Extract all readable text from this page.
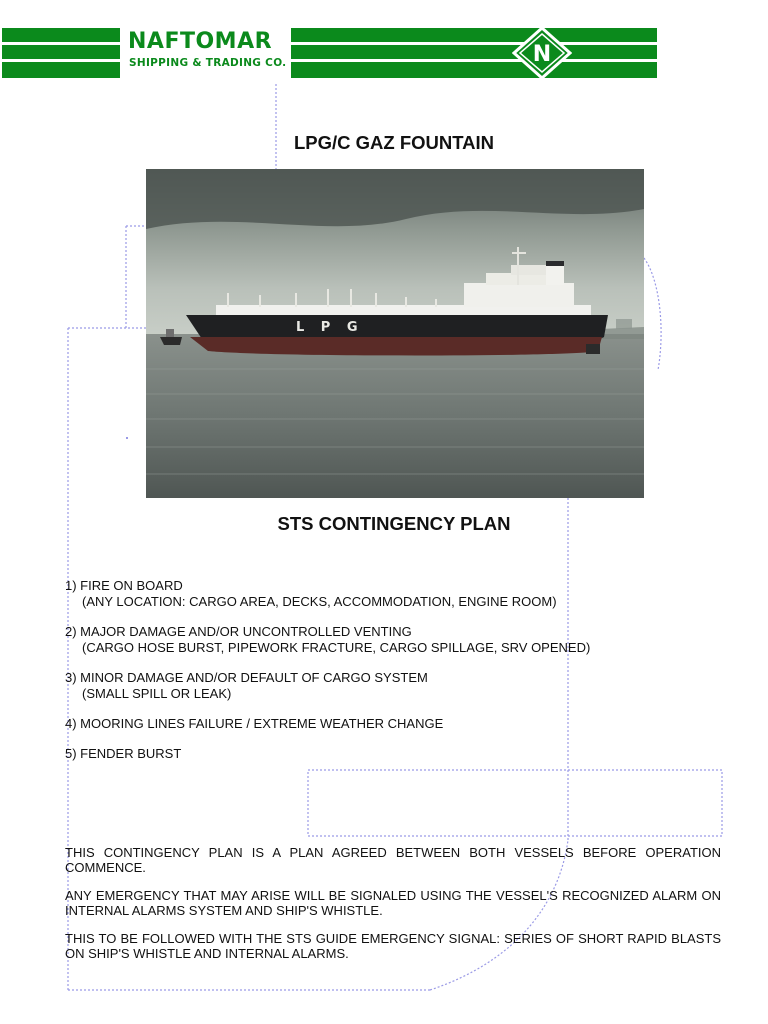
NAFTOMAR
SHIPPING & TRADING CO.	N
LPG/C GAZ FOUNTAIN
L P G
STS CONTINGENCY PLAN
1) FIRE ON BOARD
(ANY LOCATION: CARGO AREA, DECKS, ACCOMMODATION, ENGINE ROOM)
2) MAJOR DAMAGE AND/OR UNCONTROLLED VENTING
(CARGO HOSE BURST, PIPEWORK FRACTURE, CARGO SPILLAGE, SRV OPENED)
3) MINOR DAMAGE AND/OR DEFAULT OF CARGO SYSTEM
(SMALL SPILL OR LEAK)
4) MOORING LINES FAILURE / EXTREME WEATHER CHANGE
5) FENDER BURST

THIS CONTINGENCY PLAN IS A PLAN AGREED BETWEEN BOTH VESSELS BEFORE OPERATION COMMENCE.

ANY EMERGENCY THAT MAY ARISE WILL BE SIGNALED USING THE VESSEL'S RECOGNIZED ALARM ON INTERNAL ALARMS SYSTEM AND SHIP'S WHISTLE.

THIS TO BE FOLLOWED WITH THE STS GUIDE EMERGENCY SIGNAL: SERIES OF SHORT RAPID BLASTS ON SHIP'S WHISTLE AND INTERNAL ALARMS.
